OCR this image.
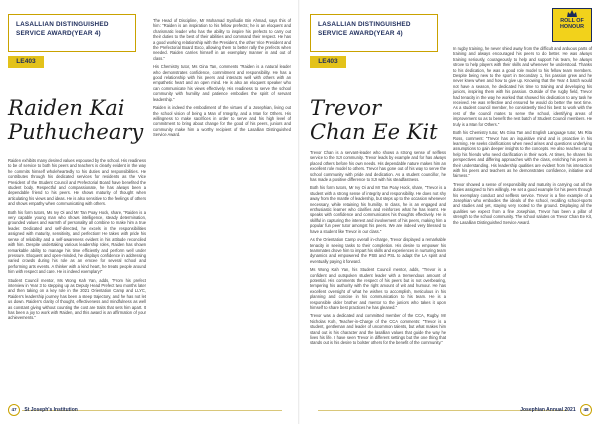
LASALLIAN DISTINGUISHED
SERVICE AWARD(YEAR 4)
LE403
Raiden Kai
Puthucheary

Raiden exhibits many desired values espoused by the school. His readiness to be of service to both his peers and teachers is clearly evident in the way he commits himself wholeheartedly to his duties and responsibilities. He contributes through his dedicated services for residents as the Vice President of the Student Council and Prefectorial Board have benefited the student body. Respectful and compassionate, he has always been a dependable friend to his peers. He shows maturity of thought when articulating his views and ideas. He is also sensitive to the feelings of others and shows empathy when communicating with others.

Both his form tutors, Ms Ivy Oi and Mr Tan Poay Hock, share, "Raiden is a very capable young man who shows intelligence, steady determination, grounded values and warmth of personality all combine to make him a true leader. Dedicated and self-directed, he excels in the responsibilities assigned with maturity, sensitivity, and perfection! He takes with pride his sense of reliability and a self-awareness evident in his attitude reconciled with him. Despite undertaking various leadership roles, Raiden has shown remarkable ability to manage his time efficiently and perform well under pressure. Eloquent and open-minded, he displays confidence in addressing varied crowds during his role as an emcee for several school and performing arts events. A thinker with a kind heart, he treats people around him with respect and care. He is indeed exemplary!"

Student Council mentor, Ms Wong Kah Yan, adds, "From his prefect interview in Year 3 to stepping up as Deputy Head Prefect two months later and then taking on a key role in the 2021 Orientation Camp and LLYC, Raiden's leadership journey has been a steep trajectory, and he has not let us down. Raiden's clarity of thought, effectiveness and mindfulness as well as constant giving without counting the cost are traits that sets him apart. It has been a joy to work with Raiden, and this award is an affirmation of your achievements."

The Head of Discipline, Mr Mohamad Syafiudin Bin Ahmad, says this of him: "Raiden is an inspiration to his fellow prefects; he is an eloquent and charismatic leader who has the ability to inspire his prefects to carry out their duties to the best of their abilities and command their respect. He has a good working relationship with the President, the other Vice President and the Prefectorial Board Exco, allowing them to better rally the prefects when needed. Raiden carries himself in an exemplary manner in and out of class."

His Chemistry tutor, Ms Gina Tan, comments "Raiden is a natural leader who demonstrates confidence, commitment and responsibility. He has a good relationship with his peers and interacts well with others with an empathetic heart and an open mind. He is also an eloquent speaker who can communicate his views effectively. His readiness to serve the school community with humility and patience embodies the spirit of servant leadership."

Raiden is indeed the embodiment of the virtues of a Josephian, living out the school vision of being a Man of Integrity, and a Man for Others. His willingness to make sacrifices in order to serve and his high level of commitment to bring about change for the good of his peers, juniors and community make him a worthy recipient of the Lasallian Distinguished Service Award.

47 St Joseph's Institution
LASALLIAN DISTINGUISHED
SERVICE AWARD(YEAR 4)
LE403
ROLL OF
HONOUR
Trevor
Chan Ee Kit

Trevor Chan is a servant-leader who shows a strong sense of selfless service to the SJI community. Trevor leads by example and for has always placed others before his own needs. His dependable nature makes him an excellent role model to others. Trevor has gone out of his way to serve the school community with pride and dedication. As a student councillor, he has made a positive difference to SJI with his steadfastness.

Both his form tutors, Mr Ivy Oi and Mr Tan Poay Hock, share, "Trevor is a student with a strong sense of integrity and responsibility. He does not shy away from the mantle of leadership, but steps up to the occasion whenever necessary, while retaining his humility. In class, he is an engaged and enthusiastic learner who clarifies and reinforces what he has learnt. He speaks with confidence and communicates his thoughts effectively. He is skillful in capturing the interest and involvement of his peers, making him a popular fun peer tutor amongst his peers. We are indeed very blessed to have a student like Trevor in our class."

As the Orientation Camp overall in-charge, Trevor displayed a remarkable tenacity in seeing tasks to their completion. His desire to empower his teammates drove him to impart his skills and experiences in nurturing team dynamics and empowered the PSB and PSL to adapt the LA spirit and eventually paying it forward.

Ms Wong Kah Yan, his Student Council mentor, adds, "Trevor is a confident and outspoken student leader with a tremendous amount of potential. His comments the respect of his peers but is not overbearing, tempering his authority with the right amount of wit and humour. He has excellent oversight of what he wishes to accomplish, meticulous in his planning and concise in his communication to his team. He is a responsible older brother and mentor to the juniors who takes it upon himself to share best practices he has gleaned."

Trevor was a dedicated and committed member of the CCA, Rugby. Mr Nicholas Koh, Teacher-in-Charge of the CCA comments: "Trevor is a student, gentleman and leader of uncommon talents, but what makes him stand out is his character and the lasallian values that guide the way he lives his life. I have seen Trevor in different settings but the one thing that stands out is his desire to bolster others for the benefit of the community."

In rugby training, he never shied away from the difficult and arduous parts of training and always encouraged his peers to do better. He was always training seriously, courageously to help and support his team, he always strove to help players with their skills and whenever he understood. Thanks to his dedication, he was a good role model to his fellow team members. Despite being new to the sport in Secondary 1, his passion grew and he never knew when and how to give up. Knowing that the Year 4 batch would not have a season, he dedicated his time to training and developing his juniors, inspiring them with his passion. Outside of the rugby field, Trevor had tenacity in the way he worked that showed his dedication to any task he received. He was reflective and ensured he would do better the next time. As a student council member, he consistently tried his best to work with the rest of the council mates to serve the school, identifying areas of improvement so as to benefit the rest batch of Student Council members. He truly is a Man for Others."

Both his Chemistry tutor, Ms Gina Tan and English Language tutor, Ms Rita Ross, comment: "Trevor has an inquisitive mind and is proactive in his learning. He seeks clarifications when need arises and questions underlying assumptions to gain deeper insights to the concepts. He also reaches out to help his friends who need clarification in their work. At times, he shares his perspectives and differing approaches with the class, enriching his peers in their understanding. His leadership qualities are evident from his interaction with his peers and teachers as he demonstrates confidence, initiative and fairness."

Trevor showed a sense of responsibility and maturity in carrying out all the duties assigned to him willingly. He set a good example for his peers through his exemplary conduct and selfless service. Trevor is a fine example of a Josephian who embodies the ideals of the school, recalling school-sports and studies and yet, staying very rooted to the ground. Displaying all the qualities we expect from a fine Josephian, Trevor has been a pillar of strength to the school community. The school salutes on Trevor Chan Ee Kit, the Lasallian Distinguished Service Award.

Josephian Annual 2021 48
